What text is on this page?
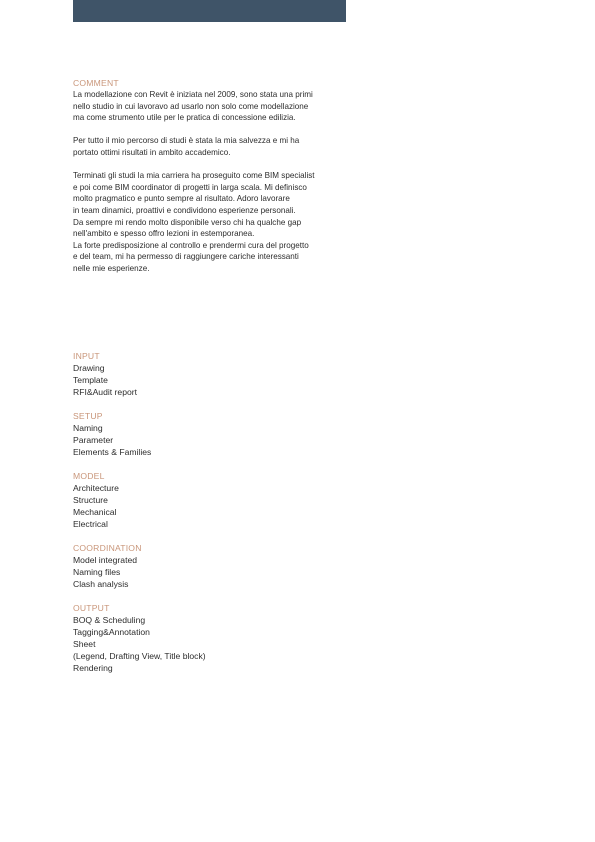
COMMENT

La modellazione con Revit è iniziata nel 2009, sono stata una primi
nello studio in cui lavoravo ad usarlo non solo come modellazione
ma come strumento utile per le pratica di concessione edilizia.

Per tutto il mio percorso di studi è stata la mia salvezza e mi ha
portato ottimi risultati in ambito accademico.

Terminati gli studi la mia carriera ha proseguito come BIM specialist
e poi come BIM coordinator di progetti in larga scala. Mi definisco
molto pragmatico e punto sempre al risultato. Adoro lavorare
in team dinamici, proattivi e condividono esperienze personali.
Da sempre mi rendo molto disponibile verso chi ha qualche gap
nell'ambito e spesso offro lezioni in estemporanea.
La forte predisposizione al controllo e prendermi cura del progetto
e del team, mi ha permesso di raggiungere cariche interessanti
nelle mie esperienze.

INPUT
Drawing
Template
RFI&Audit report
SETUP
Naming
Parameter
Elements & Families
MODEL
Architecture
Structure
Mechanical
Electrical
COORDINATION
Model integrated
Naming files
Clash analysis
OUTPUT
BOQ & Scheduling
Tagging&Annotation
Sheet
(Legend, Drafting View, Title block)
Rendering
